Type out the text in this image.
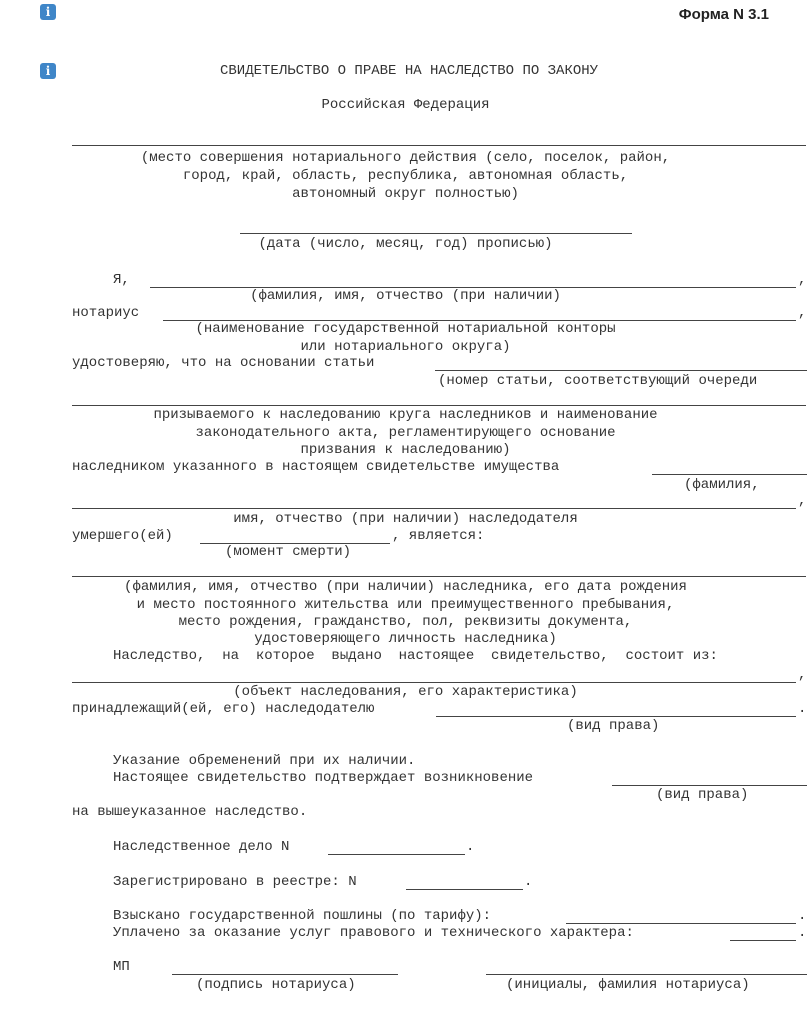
i	Форма N 3.1
i	СВИДЕТЕЛЬСТВО О ПРАВЕ НА НАСЛЕДСТВО ПО ЗАКОНУ
Российская Федерация
(место совершения нотариального действия (село, поселок, район,
город, край, область, республика, автономная область,
автономный округ полностью)
(дата (число, месяц, год) прописью)
Я,	,
(фамилия, имя, отчество (при наличии)
нотариус	,
(наименование государственной нотариальной конторы
или нотариального округа)
удостоверяю, что на основании статьи
(номер статьи, соответствующий очереди
призываемого к наследованию круга наследников и наименование
законодательного акта, регламентирующего основание
призвания к наследованию)
наследником указанного в настоящем свидетельстве имущества
(фамилия,
,
имя, отчество (при наличии) наследодателя
умершего(ей)	, является:
(момент смерти)
(фамилия, имя, отчество (при наличии) наследника, его дата рождения
и место постоянного жительства или преимущественного пребывания,
место рождения, гражданство, пол, реквизиты документа,
удостоверяющего личность наследника)
Наследство,  на  которое  выдано  настоящее  свидетельство,  состоит из:
,
(объект наследования, его характеристика)
принадлежащий(ей, его) наследодателю	.
(вид права)
Указание обременений при их наличии.
Настоящее свидетельство подтверждает возникновение
(вид права)
на вышеуказанное наследство.
Наследственное дело N	.
Зарегистрировано в реестре: N	.
Взыскано государственной пошлины (по тарифу):	.
Уплачено за оказание услуг правового и технического характера:	.
МП
(подпись нотариуса)	(инициалы, фамилия нотариуса)
